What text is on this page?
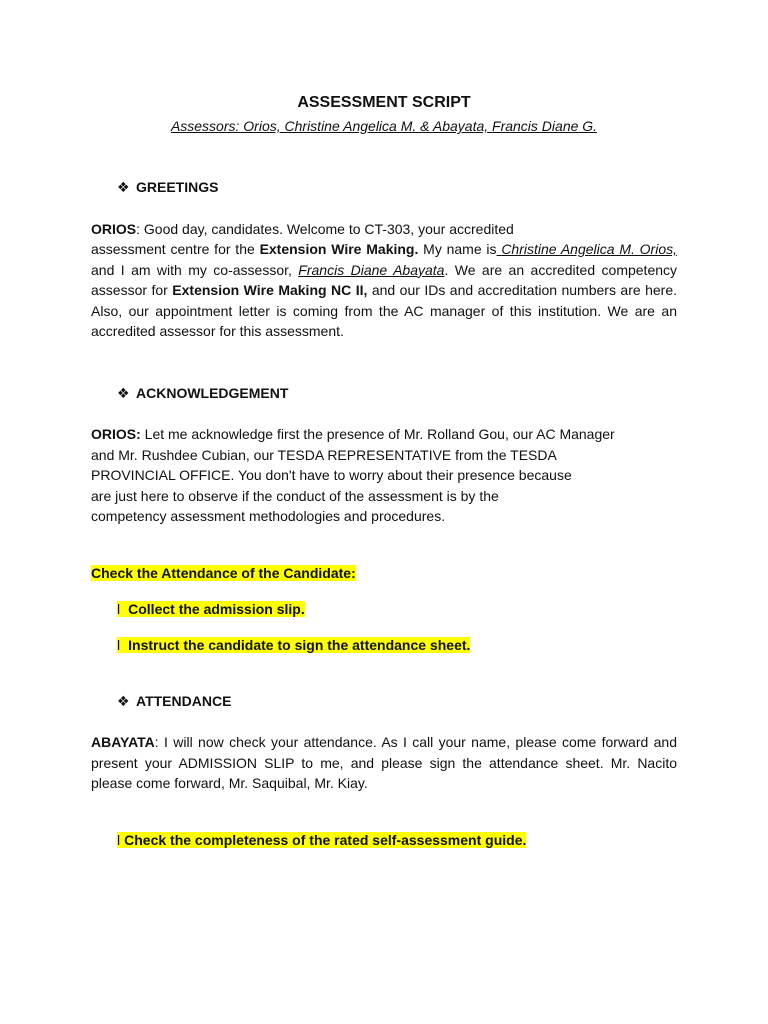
ASSESSMENT SCRIPT

Assessors: Orios, Christine Angelica M. & Abayata, Francis Diane G.

❖ GREETINGS

ORIOS: Good day, candidates. Welcome to CT-303, your accredited

assessment centre for the Extension Wire Making. My name is Christine Angelica M. Orios, and I am with my co-assessor, Francis Diane Abayata. We are an accredited competency assessor for Extension Wire Making NC II, and our IDs and accreditation numbers are here. Also, our appointment letter is coming from the AC manager of this institution. We are an accredited assessor for this assessment.

❖ ACKNOWLEDGEMENT

ORIOS: Let me acknowledge first the presence of Mr. Rolland Gou, our AC Manager
and Mr. Rushdee Cubian, our TESDA REPRESENTATIVE from the TESDA
PROVINCIAL OFFICE. You don't have to worry about their presence because
are just here to observe if the conduct of the assessment is by the
competency assessment methodologies and procedures.

Check the Attendance of the Candidate:

l Collect the admission slip.

l Instruct the candidate to sign the attendance sheet.

❖ ATTENDANCE

ABAYATA: I will now check your attendance. As I call your name, please come forward and present your ADMISSION SLIP to me, and please sign the attendance sheet. Mr. Nacito please come forward, Mr. Saquibal, Mr. Kiay.

l Check the completeness of the rated self-assessment guide.
